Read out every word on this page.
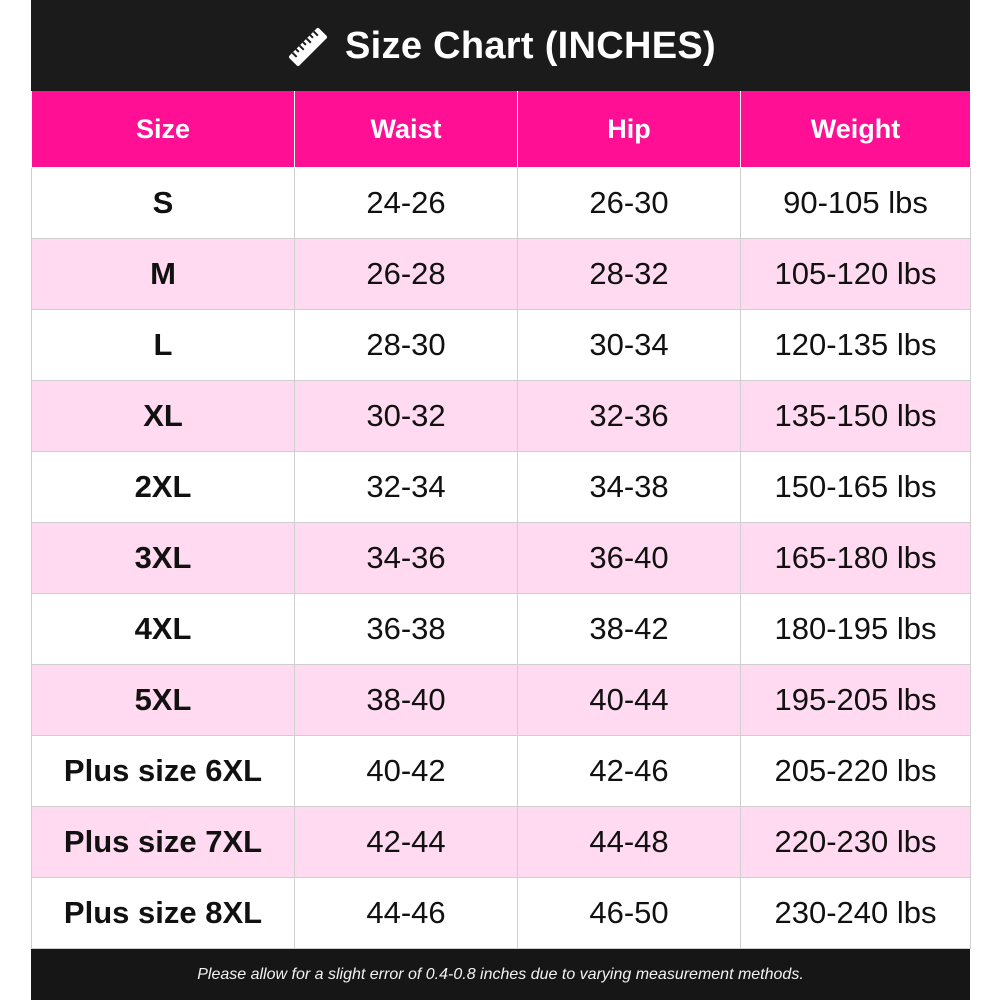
Size Chart (INCHES)
Size	Waist	Hip	Weight
S	24-26	26-30	90-105 lbs
M	26-28	28-32	105-120 lbs
L	28-30	30-34	120-135 lbs
XL	30-32	32-36	135-150 lbs
2XL	32-34	34-38	150-165 lbs
3XL	34-36	36-40	165-180 lbs
4XL	36-38	38-42	180-195 lbs
5XL	38-40	40-44	195-205 lbs
Plus size 6XL	40-42	42-46	205-220 lbs
Plus size 7XL	42-44	44-48	220-230 lbs
Plus size 8XL	44-46	46-50	230-240 lbs
Please allow for a slight error of 0.4-0.8 inches due to varying measurement methods.
